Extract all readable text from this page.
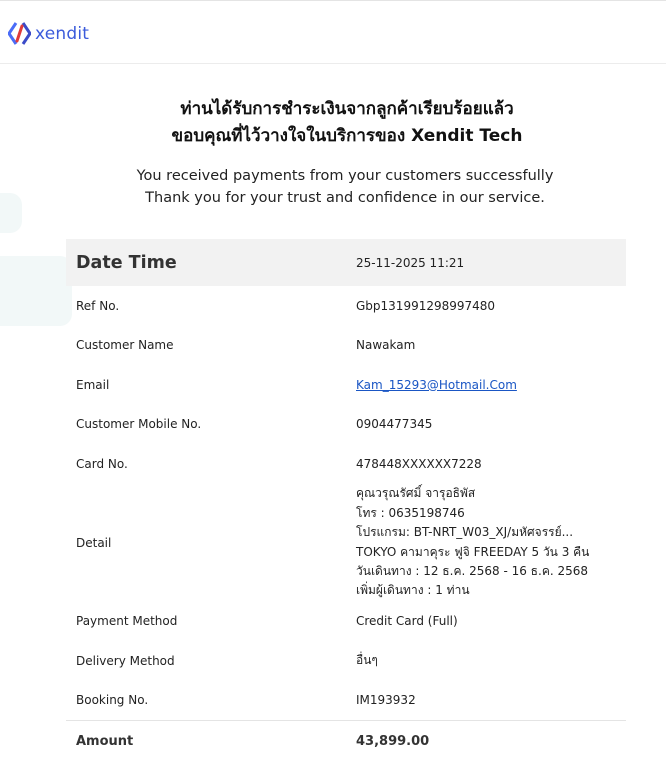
xendit
ท่านได้รับการชำระเงินจากลูกค้าเรียบร้อยแล้ว
ขอบคุณที่ไว้วางใจในบริการของ Xendit Tech
You received payments from your customers successfully
Thank you for your trust and confidence in our service.
Date Time	25-11-2025 11:21
Ref No.	Gbp131991298997480
Customer Name	Nawakam
Email	Kam_15293@Hotmail.Com
Customer Mobile No.	0904477345
Card No.	478448XXXXXX7228
Detail
คุณวรุณรัศมิ์ จารุอธิพัส
โทร : 0635198746
โปรแกรม: BT-NRT_W03_XJ/มหัศจรรย์...
TOKYO คามาคุระ ฟูจิ FREEDAY 5 วัน 3 คืน
วันเดินทาง : 12 ธ.ค. 2568 - 16 ธ.ค. 2568
เพิ่มผู้เดินทาง : 1 ท่าน
Payment Method	Credit Card (Full)
Delivery Method	อื่นๆ
Booking No.	IM193932
Amount	43,899.00
